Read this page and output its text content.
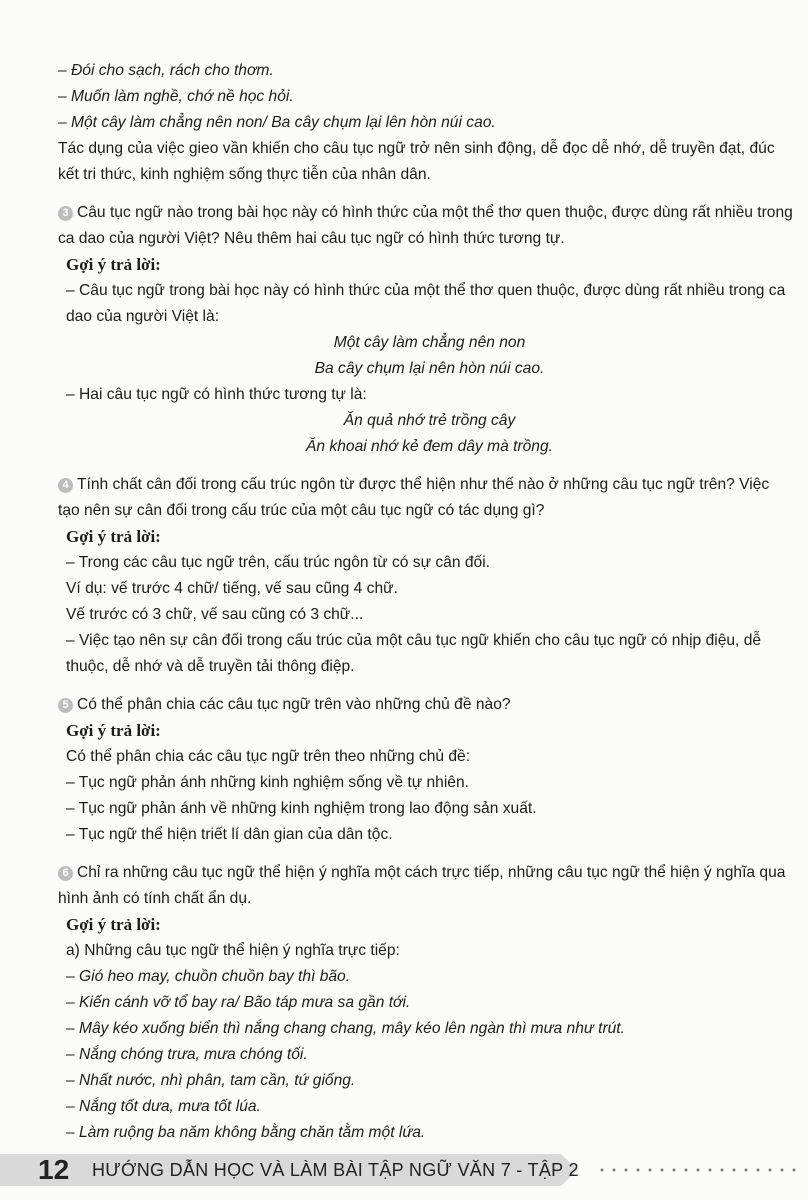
– Đói cho sạch, rách cho thơm.

– Muốn làm nghề, chớ nề học hỏi.

– Một cây làm chẳng nên non/ Ba cây chụm lại lên hòn núi cao.

Tác dụng của việc gieo vần khiến cho câu tục ngữ trở nên sinh động, dễ đọc dễ nhớ, dễ truyền đạt, đúc kết tri thức, kinh nghiệm sống thực tiễn của nhân dân.

3 Câu tục ngữ nào trong bài học này có hình thức của một thể thơ quen thuộc, được dùng rất nhiều trong ca dao của người Việt? Nêu thêm hai câu tục ngữ có hình thức tương tự.

Gợi ý trả lời:

– Câu tục ngữ trong bài học này có hình thức của một thể thơ quen thuộc, được dùng rất nhiều trong ca dao của người Việt là:

Một cây làm chẳng nên non

Ba cây chụm lại nên hòn núi cao.

– Hai câu tục ngữ có hình thức tương tự là:

Ăn quả nhớ trẻ trồng cây

Ăn khoai nhớ kẻ đem dây mà trồng.

4 Tính chất cân đối trong cấu trúc ngôn từ được thể hiện như thế nào ở những câu tục ngữ trên? Việc tạo nên sự cân đối trong cấu trúc của một câu tục ngữ có tác dụng gì?

Gợi ý trả lời:

– Trong các câu tục ngữ trên, cấu trúc ngôn từ có sự cân đối.

Ví dụ: vế trước 4 chữ/ tiếng, vế sau cũng 4 chữ.

Vế trước có 3 chữ, vế sau cũng có 3 chữ...

– Việc tạo nên sự cân đối trong cấu trúc của một câu tục ngữ khiến cho câu tục ngữ có nhịp điệu, dễ thuộc, dễ nhớ và dễ truyền tải thông điệp.

5 Có thể phân chia các câu tục ngữ trên vào những chủ đề nào?

Gợi ý trả lời:

Có thể phân chia các câu tục ngữ trên theo những chủ đề:

– Tục ngữ phản ánh những kinh nghiệm sống về tự nhiên.

– Tục ngữ phản ánh về những kinh nghiệm trong lao động sản xuất.

– Tục ngữ thể hiện triết lí dân gian của dân tộc.

6 Chỉ ra những câu tục ngữ thể hiện ý nghĩa một cách trực tiếp, những câu tục ngữ thể hiện ý nghĩa qua hình ảnh có tính chất ẩn dụ.

Gợi ý trả lời:

a) Những câu tục ngữ thể hiện ý nghĩa trực tiếp:

– Gió heo may, chuồn chuồn bay thì bão.

– Kiến cánh vỡ tổ bay ra/ Bão táp mưa sa gần tới.

– Mây kéo xuống biển thì nắng chang chang, mây kéo lên ngàn thì mưa như trút.

– Nắng chóng trưa, mưa chóng tối.

– Nhất nước, nhì phân, tam cần, tứ giống.

– Nắng tốt dưa, mưa tốt lúa.

– Làm ruộng ba năm không bằng chăn tằm một lứa.

12 HƯỚNG DẪN HỌC VÀ LÀM BÀI TẬP NGỮ VĂN 7 - TẬP 2
